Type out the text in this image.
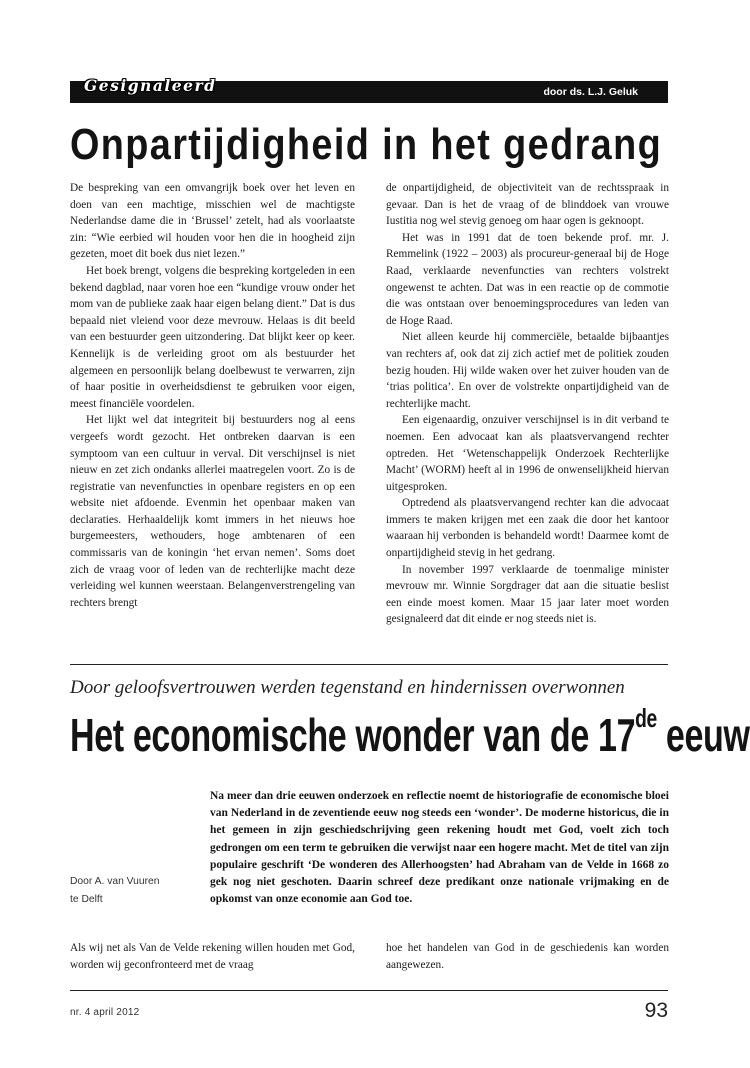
Gesignaleerd	door ds. L.J. Geluk
Onpartijdigheid in het gedrang

De bespreking van een omvangrijk boek over het leven en doen van een machtige, misschien wel de machtigste Nederlandse dame die in ‘Brussel’ zetelt, had als voorlaatste zin: “Wie eerbied wil houden voor hen die in hoogheid zijn gezeten, moet dit boek dus niet lezen.”

Het boek brengt, volgens die bespreking kortgeleden in een bekend dagblad, naar voren hoe een “kundige vrouw onder het mom van de publieke zaak haar eigen belang dient.” Dat is dus bepaald niet vleiend voor deze mevrouw. Helaas is dit beeld van een bestuurder geen uitzondering. Dat blijkt keer op keer. Kennelijk is de verleiding groot om als bestuurder het algemeen en persoonlijk belang doelbewust te verwarren, zijn of haar positie in overheidsdienst te gebruiken voor eigen, meest financiële voordelen.

Het lijkt wel dat integriteit bij bestuurders nog al eens vergeefs wordt gezocht. Het ontbreken daarvan is een symptoom van een cultuur in verval. Dit verschijnsel is niet nieuw en zet zich ondanks allerlei maatregelen voort. Zo is de registratie van nevenfuncties in openbare registers en op een website niet afdoende. Evenmin het openbaar maken van declaraties. Herhaaldelijk komt immers in het nieuws hoe burgemeesters, wethouders, hoge ambtenaren of een commissaris van de koningin ‘het ervan nemen’. Soms doet zich de vraag voor of leden van de rechterlijke macht deze verleiding wel kunnen weerstaan. Belangenverstrengeling van rechters brengt

de onpartijdigheid, de objectiviteit van de rechtsspraak in gevaar. Dan is het de vraag of de blinddoek van vrouwe Iustitia nog wel stevig genoeg om haar ogen is geknoopt.

Het was in 1991 dat de toen bekende prof. mr. J. Remmelink (1922 – 2003) als procureur-generaal bij de Hoge Raad, verklaarde nevenfuncties van rechters volstrekt ongewenst te achten. Dat was in een reactie op de commotie die was ontstaan over benoemingsprocedures van leden van de Hoge Raad.

Niet alleen keurde hij commerciële, betaalde bijbaantjes van rechters af, ook dat zij zich actief met de politiek zouden bezig houden. Hij wilde waken over het zuiver houden van de ‘trias politica’. En over de volstrekte onpartijdigheid van de rechterlijke macht.

Een eigenaardig, onzuiver verschijnsel is in dit verband te noemen. Een advocaat kan als plaatsvervangend rechter optreden. Het ‘Wetenschappelijk Onderzoek Rechterlijke Macht’ (WORM) heeft al in 1996 de onwenselijkheid hiervan uitgesproken.

Optredend als plaatsvervangend rechter kan die advocaat immers te maken krijgen met een zaak die door het kantoor waaraan hij verbonden is behandeld wordt! Daarmee komt de onpartijdigheid stevig in het gedrang.

In november 1997 verklaarde de toenmalige minister mevrouw mr. Winnie Sorgdrager dat aan die situatie beslist een einde moest komen. Maar 15 jaar later moet worden gesignaleerd dat dit einde er nog steeds niet is.

Door geloofsvertrouwen werden tegenstand en hindernissen overwonnen
Het economische wonder van de 17de eeuw
Na meer dan drie eeuwen onderzoek en reflectie noemt de historiografie de economische bloei van Nederland in de zeventiende eeuw nog steeds een ‘wonder’. De moderne historicus, die in het gemeen in zijn geschiedschrijving geen rekening houdt met God, voelt zich toch gedrongen om een term te gebruiken die verwijst naar een hogere macht. Met de titel van zijn populaire geschrift ‘De wonderen des Allerhoogsten’ had Abraham van de Velde in 1668 zo gek nog niet geschoten. Daarin schreef deze predikant onze nationale vrijmaking en de opkomst van onze economie aan God toe.
Door A. van Vuuren
te Delft
Als wij net als Van de Velde rekening willen houden met God, worden wij geconfronteerd met de vraag
hoe het handelen van God in de geschiedenis kan worden aangewezen.
nr. 4 april 2012	93
